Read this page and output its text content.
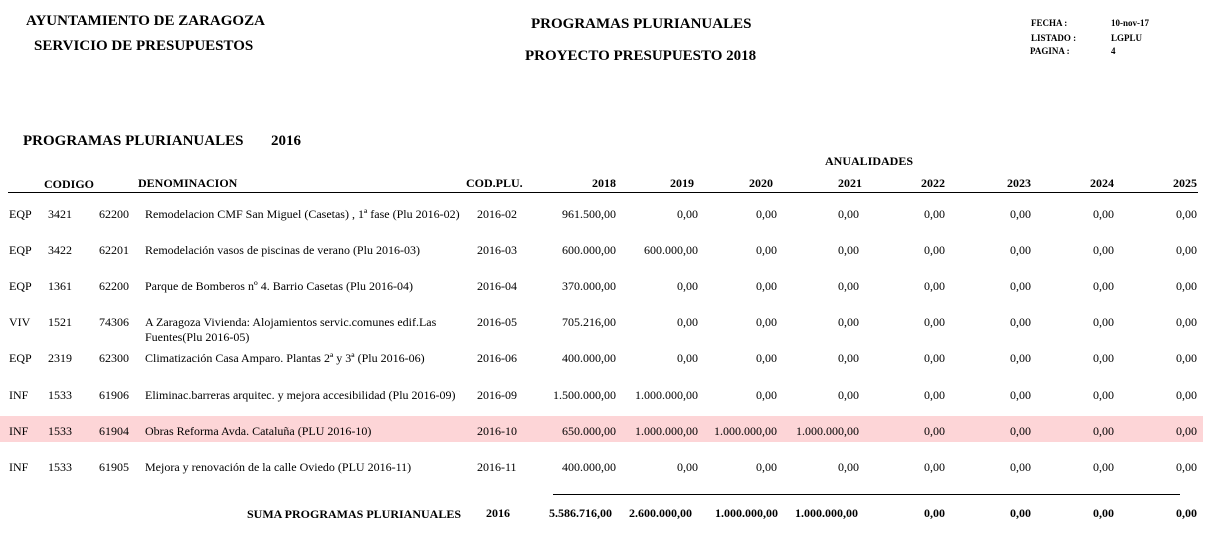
AYUNTAMIENTO DE ZARAGOZA
SERVICIO DE PRESUPUESTOS
PROGRAMAS PLURIANUALES
PROYECTO PRESUPUESTO 2018
FECHA :	10-nov-17
LISTADO :	LGPLU
PAGINA :	4
PROGRAMAS PLURIANUALES 2016
ANUALIDADES
CODIGO	DENOMINACION	COD.PLU.	2018	2019	2020	2021	2022	2023	2024	2025
EQP 3421 62200 Remodelacion CMF San Miguel (Casetas) , 1ª fase (Plu 2016-02) 2016-02	961.500,00	0,00	0,00	0,00	0,00	0,00	0,00	0,00
EQP 3422 62201 Remodelación vasos de piscinas de verano (Plu 2016-03)	2016-03	600.000,00	600.000,00	0,00	0,00	0,00	0,00	0,00	0,00
EQP 1361 62200 Parque de Bomberos nº 4. Barrio Casetas (Plu 2016-04)	2016-04	370.000,00	0,00	0,00	0,00	0,00	0,00	0,00	0,00
VIV 1521 74306 A Zaragoza Vivienda: Alojamientos servic.comunes edif.Las
Fuentes(Plu 2016-05)
2016-05	705.216,00	0,00	0,00	0,00	0,00	0,00	0,00	0,00
EQP 2319 62300 Climatización Casa Amparo. Plantas 2ª y 3ª (Plu 2016-06)	2016-06	400.000,00	0,00	0,00	0,00	0,00	0,00	0,00	0,00
INF 1533 61906 Eliminac.barreras arquitec. y mejora accesibilidad (Plu 2016-09) 2016-09	1.500.000,00	1.000.000,00	0,00	0,00	0,00	0,00	0,00	0,00
INF 1533 61904 Obras Reforma Avda. Cataluña (PLU 2016-10)	2016-10	650.000,00	1.000.000,00	1.000.000,00	1.000.000,00	0,00	0,00	0,00	0,00
INF 1533 61905 Mejora y renovación de la calle Oviedo (PLU 2016-11)	2016-11	400.000,00	0,00	0,00	0,00	0,00	0,00	0,00	0,00
SUMA PROGRAMAS PLURIANUALES 2016	5.586.716,00	2.600.000,00	1.000.000,00	1.000.000,00	0,00	0,00	0,00	0,00
